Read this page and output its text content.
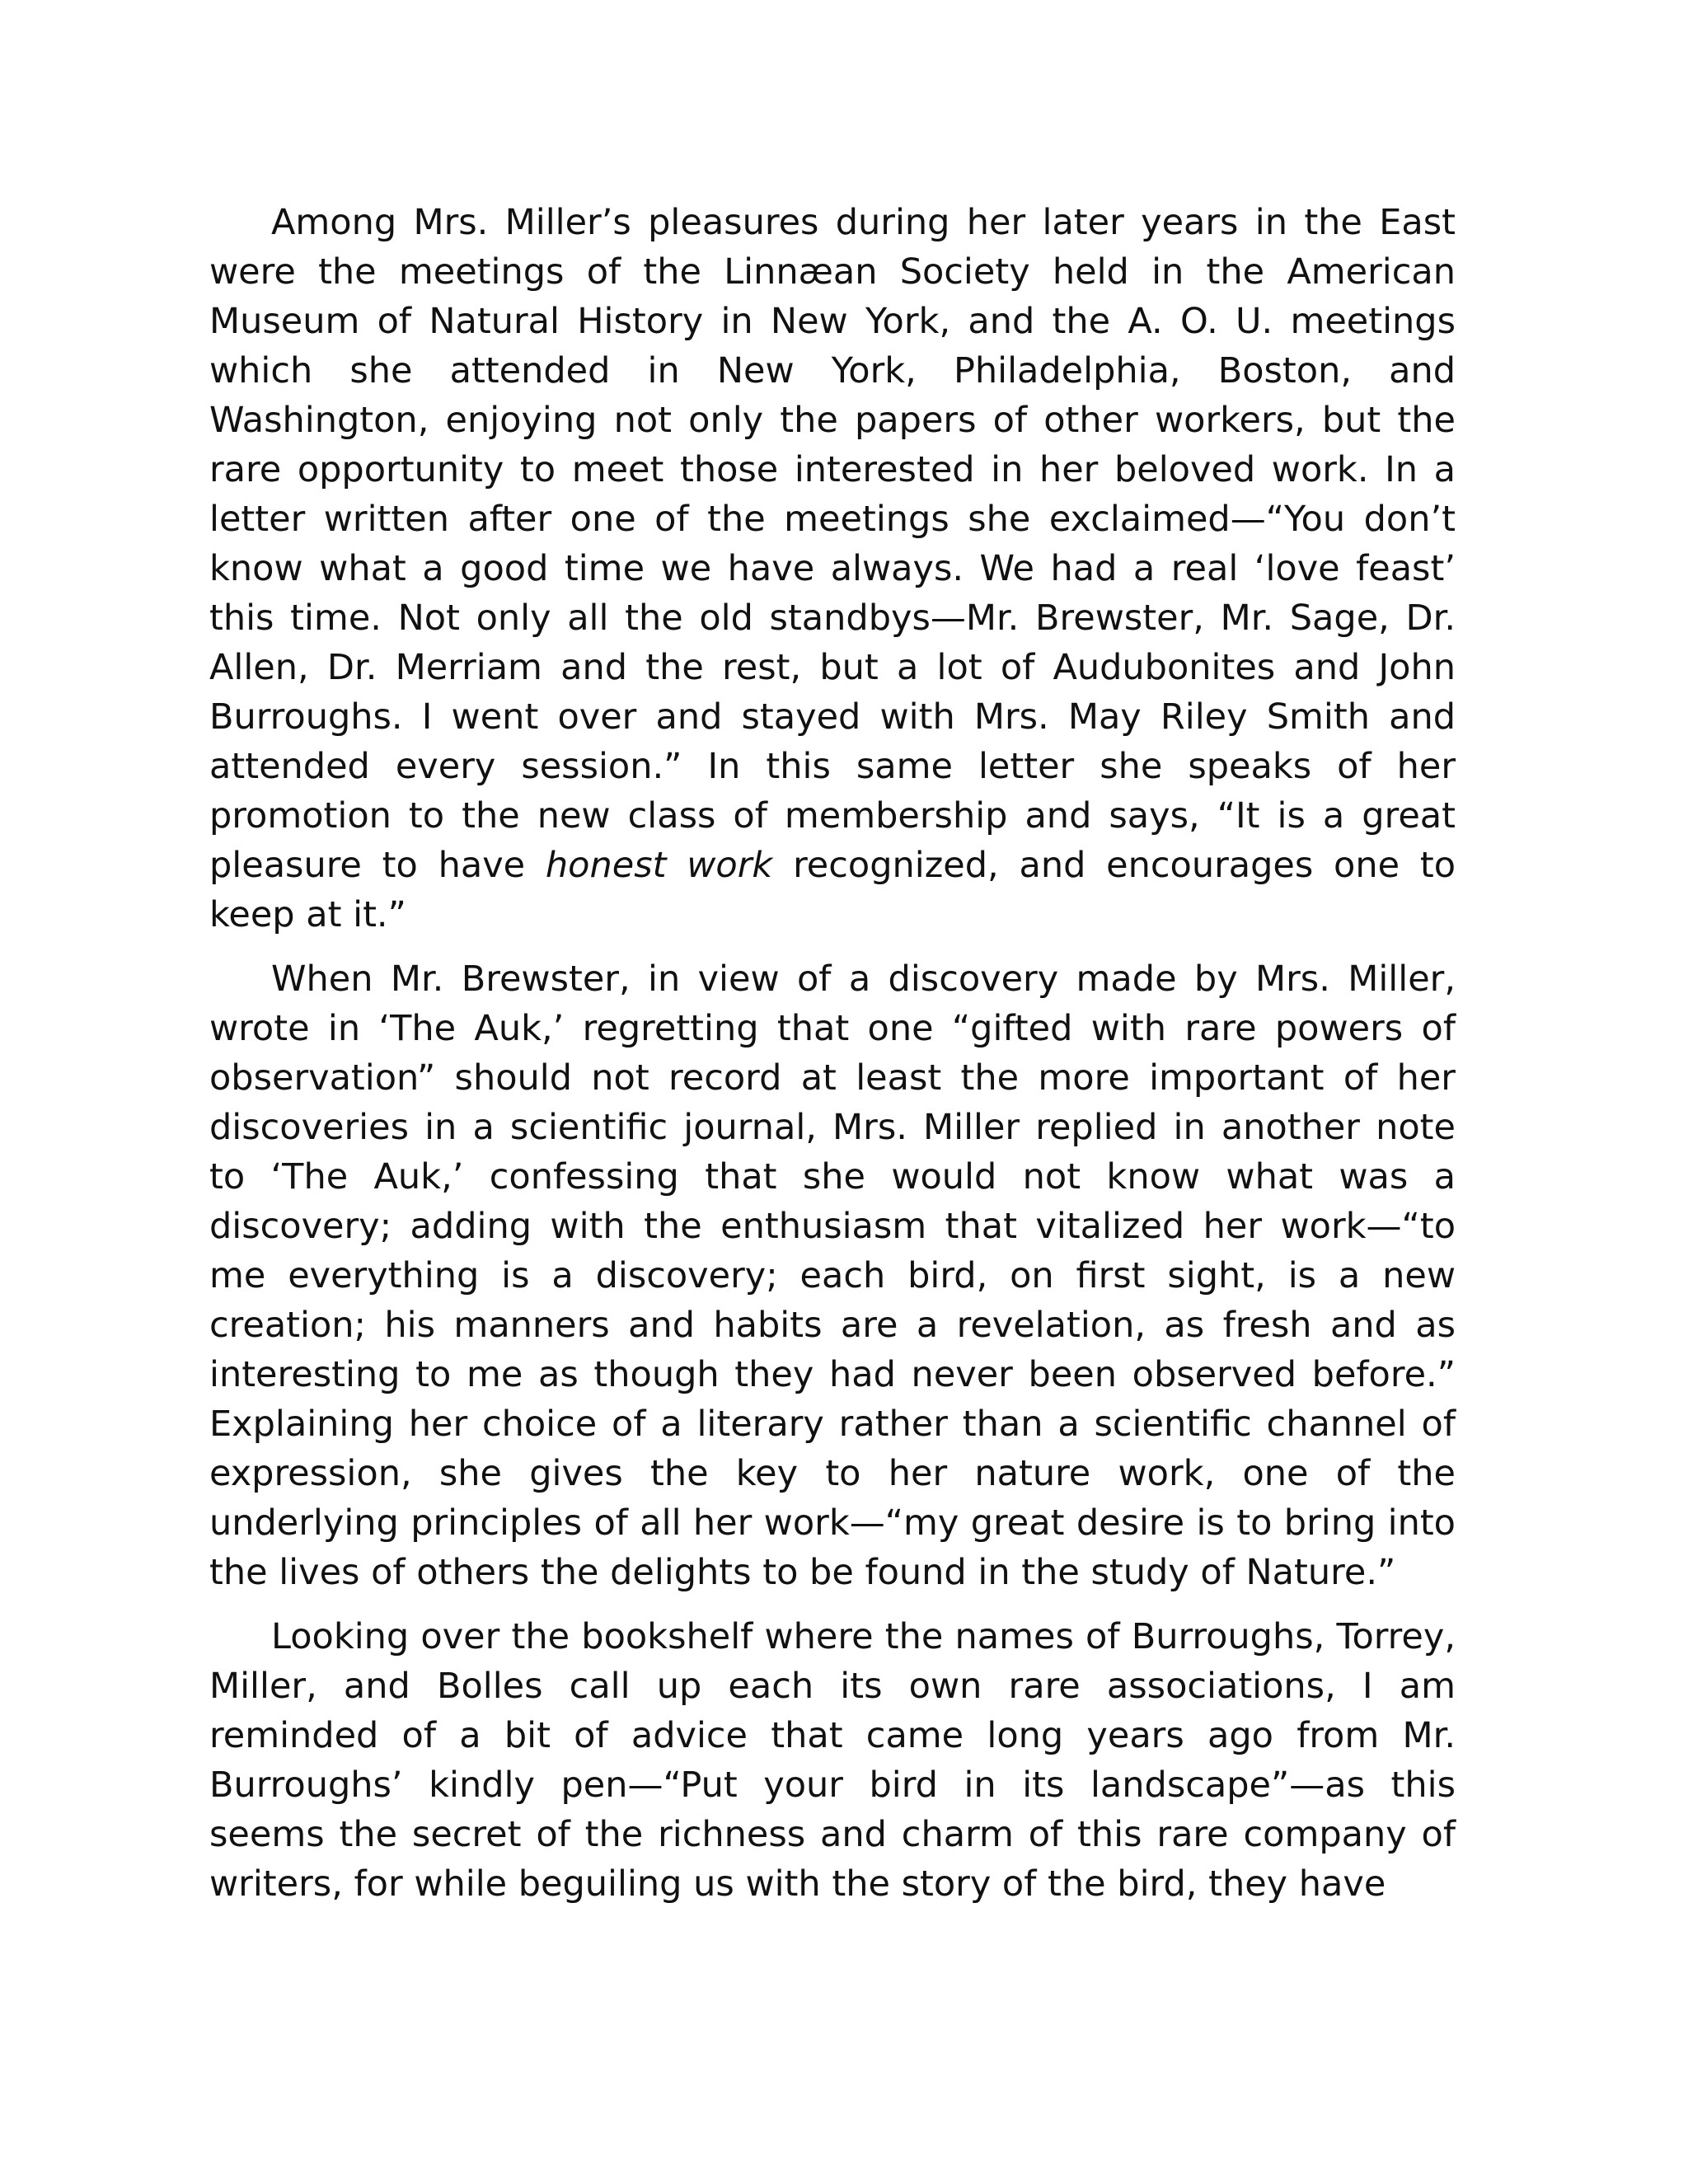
Among Mrs. Miller’s pleasures during her later years in the East were the meetings of the Linnæan Society held in the American Museum of Natural History in New York, and the A. O. U. meetings which she attended in New York, Philadelphia, Boston, and Washington, enjoying not only the papers of other workers, but the rare opportunity to meet those interested in her beloved work. In a letter written after one of the meetings she exclaimed—“You don’t know what a good time we have always. We had a real ‘love feast’ this time. Not only all the old standbys—Mr. Brewster, Mr. Sage, Dr. Allen, Dr. Merriam and the rest, but a lot of Audubonites and John Burroughs. I went over and stayed with Mrs. May Riley Smith and attended every session.” In this same letter she speaks of her promotion to the new class of membership and says, “It is a great pleasure to have honest work recognized, and encourages one to keep at it.”

When Mr. Brewster, in view of a discovery made by Mrs. Miller, wrote in ‘The Auk,’ regretting that one “gifted with rare powers of observation” should not record at least the more important of her discoveries in a scientific journal, Mrs. Miller replied in another note to ‘The Auk,’ confessing that she would not know what was a discovery; adding with the enthusiasm that vitalized her work—“to me everything is a discovery; each bird, on first sight, is a new creation; his manners and habits are a revelation, as fresh and as interesting to me as though they had never been observed before.” Explaining her choice of a literary rather than a scientific channel of expression, she gives the key to her nature work, one of the underlying principles of all her work—“my great desire is to bring into the lives of others the delights to be found in the study of Nature.”

Looking over the bookshelf where the names of Burroughs, Torrey, Miller, and Bolles call up each its own rare associations, I am reminded of a bit of advice that came long years ago from Mr. Burroughs’ kindly pen—“Put your bird in its landscape”—as this seems the secret of the richness and charm of this rare company of writers, for while beguiling us with the story of the bird, they have
